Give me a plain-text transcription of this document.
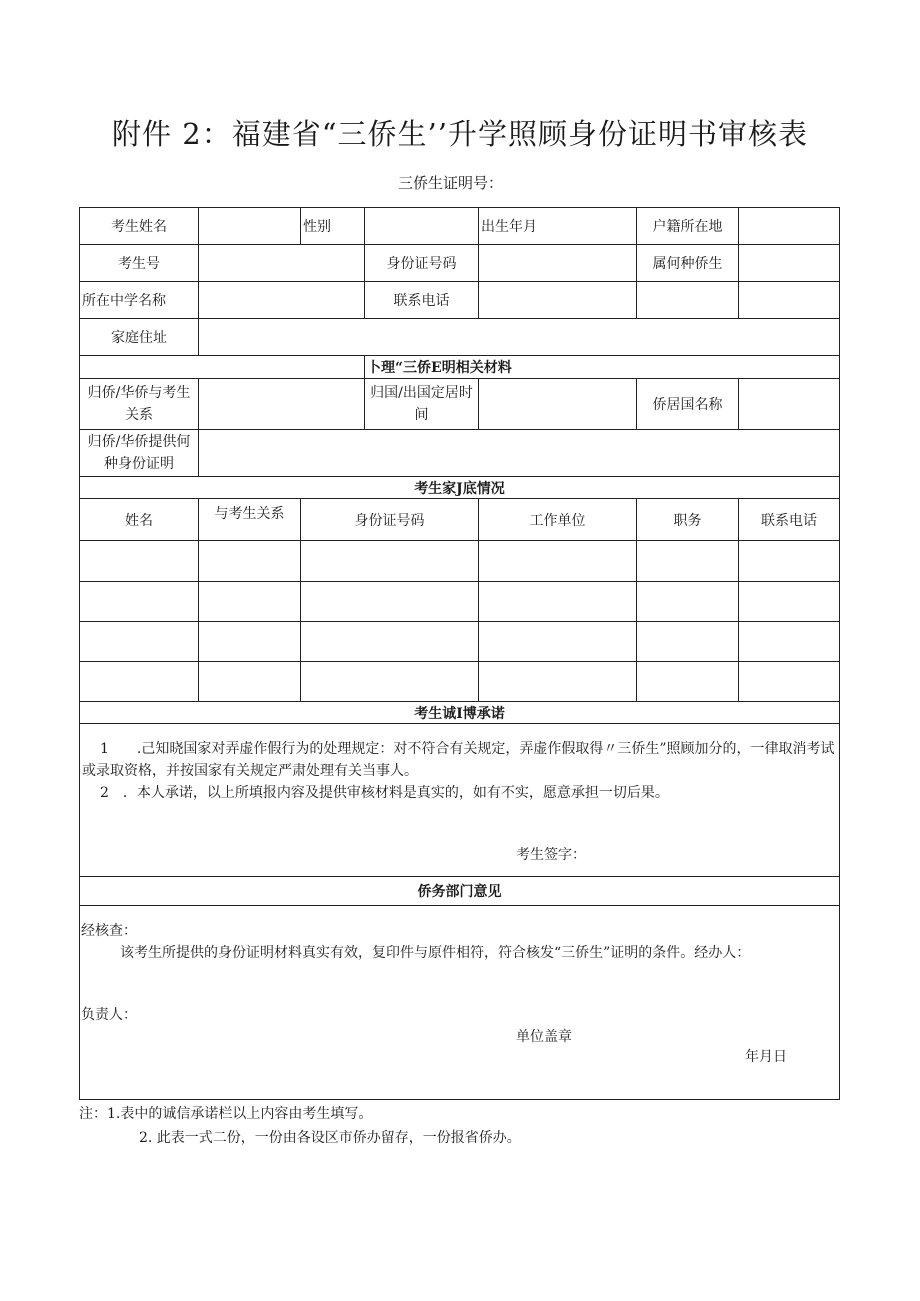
附件 2：福建省“三侨生’’升学照顾身份证明书审核表
三侨生证明号：
考生姓名		性别		出生年月	户籍所在地	
考生号			身份证号码		属何种侨生	
所在中学名称			联系电话			
家庭住址						
			卜理“三侨E明相关材料			
归侨/华侨与考生关系			归国/出国定居时间		侨居国名称	
归侨/华侨提供何种身份证明						
考生家J底情况						
姓名	与考生关系	身份证号码		工作单位	职务	联系电话

考生诚I博承诺						

1　　.己知晓国家对弄虚作假行为的处理规定：对不符合有关规定，弄虚作假取得〃三侨生”照顾加分的，一律取消考试或录取资格，并按国家有关规定严肃处理有关当事人。

2　．本人承诺，以上所填报内容及提供审核材料是真实的，如有不实，愿意承担一切后果。

考生签字：						

侨务部门意见						

经核查：
该考生所提供的身份证明材料真实有效，复印件与原件相符，符合核发“三侨生”证明的条件。经办人：
负责人：
单位盖章
年月日						
注：1.表中的诚信承诺栏以上内容由考生填写。
2. 此表一式二份，一份由各设区市侨办留存，一份报省侨办。
